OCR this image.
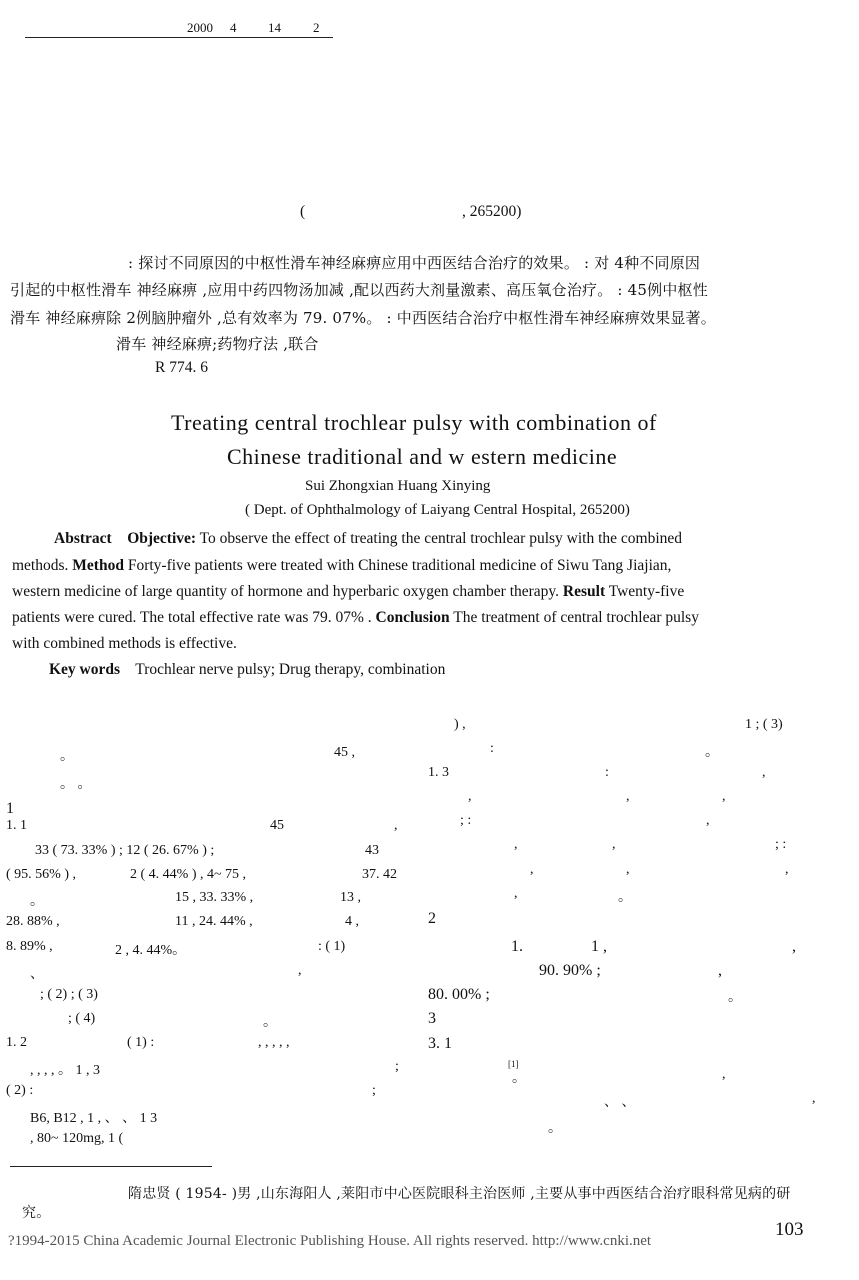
2000 4 14 2
(	, 265200)
: 探讨不同原因的中枢性滑车神经麻痹应用中西医结合治疗的效果。 : 对 4种不同原因
引起的中枢性滑车 神经麻痹 ,应用中药四物汤加减 ,配以西药大剂量激素、高压氧仓治疗。 : 45例中枢性
滑车 神经麻痹除 2例脑肿瘤外 ,总有效率为 79. 07%。 : 中西医结合治疗中枢性滑车神经麻痹效果显著。
滑车 神经麻痹;药物疗法 ,联合
R 774. 6
Treating central trochlear pulsy with combination of
Chinese traditional and w estern medicine
Sui Zhongxian Huang Xinying
( Dept. of Ophthalmology of Laiyang Central Hospital, 265200)
Abstract Objective: To observe the effect of treating the central trochlear pulsy with the combined
methods. Method Forty-five patients were treated with Chinese traditional medicine of Siwu Tang Jiajian,
western medicine of large quantity of hormone and hyperbaric oxygen chamber therapy. Result Twenty-five
patients were cured. The total effective rate was 79. 07% . Conclusion The treatment of central trochlear pulsy
with combined methods is effective.
Key words Trochlear nerve pulsy; Drug therapy, combination
。	45 ,
。 。
1
1. 1	45	,
33 ( 73. 33% ) ; 12 ( 26. 67% ) ;	43
( 95. 56% ) ,	2 ( 4. 44% ) , 4~ 75 ,	37. 42
。	15 , 33. 33% ,	13 ,
28. 88% ,	11 , 24. 44% ,	4 ,
8. 89% ,	2 , 4. 44%。	: ( 1)
、	,
; ( 2) ; ( 3)
; ( 4)	。
1. 2	( 1) :	, , , , ,
, , , , 。 1 , 3	;
( 2) :	;
B6, B12 , 1 , 、 、 1 3
, 80~ 120mg, 1 (
) ,	1 ; ( 3)
:	。
1. 3	:	,
,	,	,
; :	,
,	,	; :
,	,	,
,	。
2
1.	1 ,	,
90. 90% ;	,
80. 00% ;	。
3
3. 1
[1]
。	,
、 、	,
。
隋忠贤 ( 1954- )男 ,山东海阳人 ,莱阳市中心医院眼科主治医师 ,主要从事中西医结合治疗眼科常见病的研
究。
103
?1994-2015 China Academic Journal Electronic Publishing House. All rights reserved. http://www.cnki.net
